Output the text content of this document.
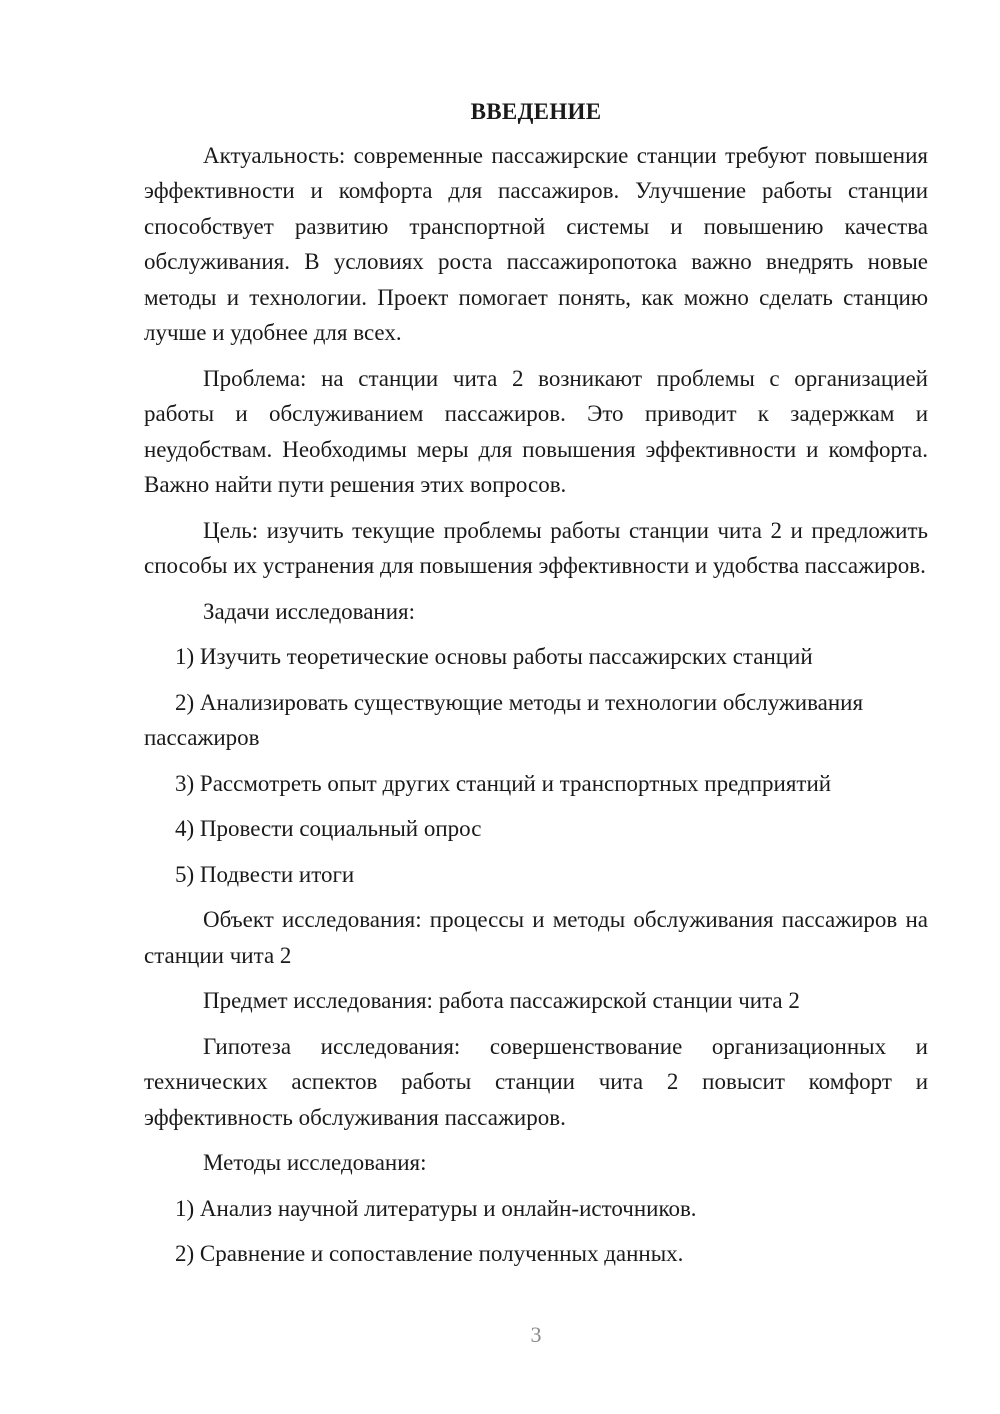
ВВЕДЕНИЕ

Актуальность: современные пассажирские станции требуют повышения эффективности и комфорта для пассажиров. Улучшение работы станции способствует развитию транспортной системы и повышению качества обслуживания. В условиях роста пассажиропотока важно внедрять новые методы и технологии. Проект помогает понять, как можно сделать станцию лучше и удобнее для всех.

Проблема: на станции чита 2 возникают проблемы с организацией работы и обслуживанием пассажиров. Это приводит к задержкам и неудобствам. Необходимы меры для повышения эффективности и комфорта. Важно найти пути решения этих вопросов.

Цель: изучить текущие проблемы работы станции чита 2 и предложить способы их устранения для повышения эффективности и удобства пассажиров.

Задачи исследования:

1) Изучить теоретические основы работы пассажирских станций

2) Анализировать существующие методы и технологии обслуживания пассажиров

3) Рассмотреть опыт других станций и транспортных предприятий

4) Провести социальный опрос

5) Подвести итоги

Объект исследования: процессы и методы обслуживания пассажиров на станции чита 2

Предмет исследования: работа пассажирской станции чита 2

Гипотеза исследования: совершенствование организационных и технических аспектов работы станции чита 2 повысит комфорт и эффективность обслуживания пассажиров.

Методы исследования:

1) Анализ научной литературы и онлайн-источников.

2) Сравнение и сопоставление полученных данных.

3
